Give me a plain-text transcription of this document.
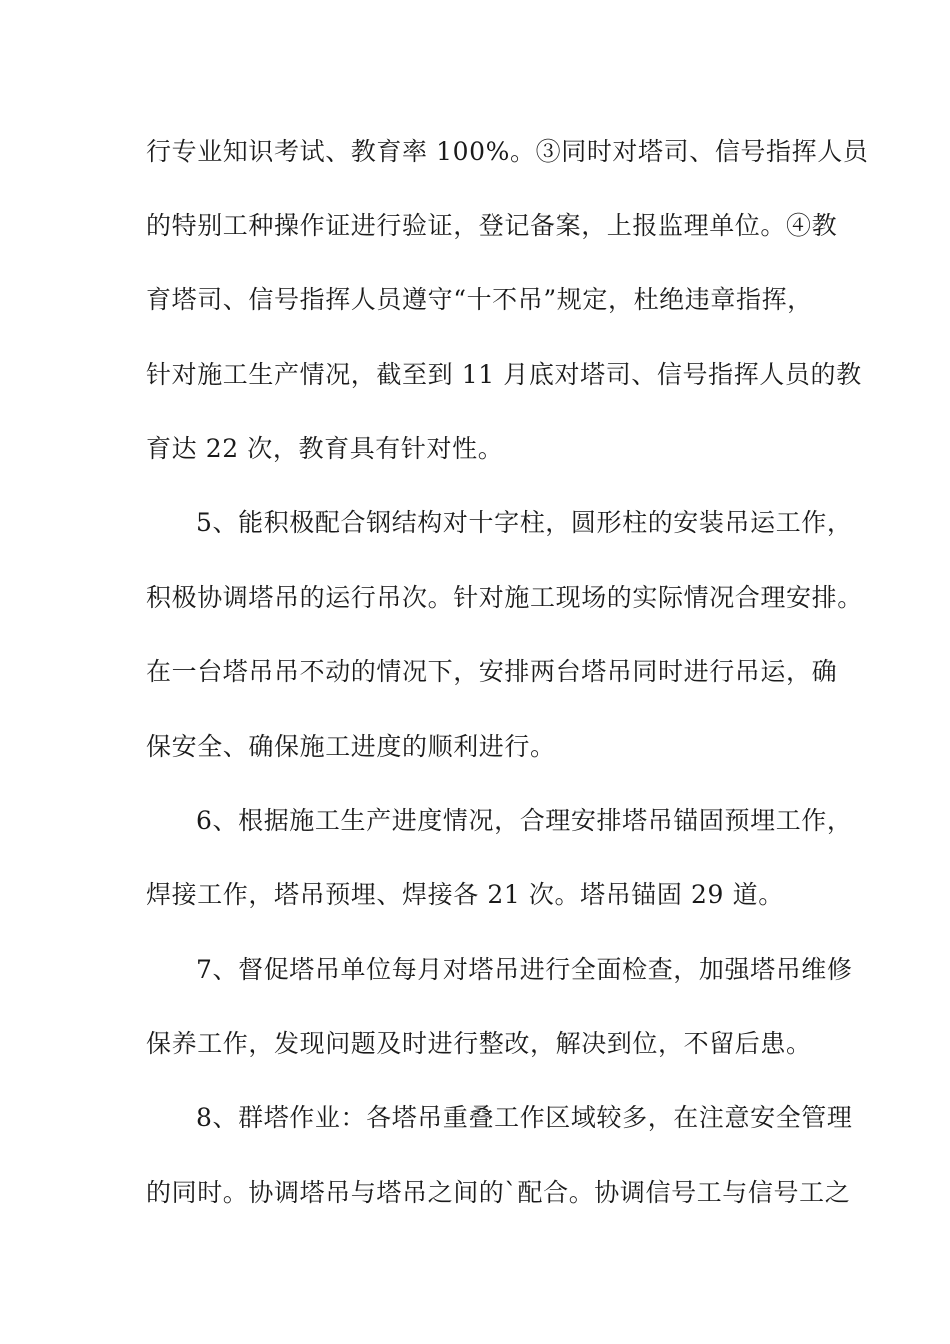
行专业知识考试、教育率 100%。③同时对塔司、信号指挥人员
的特别工种操作证进行验证，登记备案，上报监理单位。④教
育塔司、信号指挥人员遵守“十不吊”规定，杜绝违章指挥，
针对施工生产情况，截至到 11 月底对塔司、信号指挥人员的教
育达 22 次，教育具有针对性。
5、能积极配合钢结构对十字柱，圆形柱的安装吊运工作，
积极协调塔吊的运行吊次。针对施工现场的实际情况合理安排。
在一台塔吊吊不动的情况下，安排两台塔吊同时进行吊运，确
保安全、确保施工进度的顺利进行。
6、根据施工生产进度情况，合理安排塔吊锚固预埋工作，
焊接工作，塔吊预埋、焊接各 21 次。塔吊锚固 29 道。
7、督促塔吊单位每月对塔吊进行全面检查，加强塔吊维修
保养工作，发现问题及时进行整改，解决到位，不留后患。
8、群塔作业：各塔吊重叠工作区域较多，在注意安全管理
的同时。协调塔吊与塔吊之间的`配合。协调信号工与信号工之
